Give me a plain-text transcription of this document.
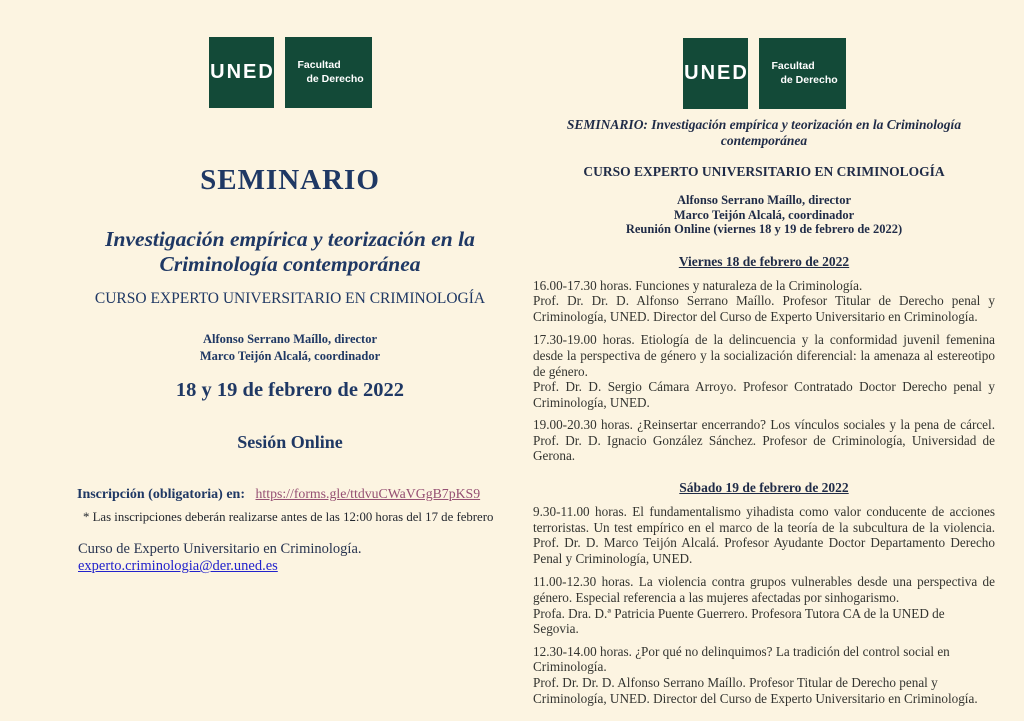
UNED Facultad
de Derecho
SEMINARIO
Investigación empírica y teorización en la
Criminología contemporánea
CURSO EXPERTO UNIVERSITARIO EN CRIMINOLOGÍA
Alfonso Serrano Maíllo, director
Marco Teijón Alcalá, coordinador
18 y 19 de febrero de 2022
Sesión Online
Inscripción (obligatoria) en: https://forms.gle/ttdvuCWaVGgB7pKS9
* Las inscripciones deberán realizarse antes de las 12:00 horas del 17 de febrero
Curso de Experto Universitario en Criminología.
experto.criminologia@der.uned.es
UNED Facultad
de Derecho
SEMINARIO: Investigación empírica y teorización en la Criminología
contemporánea
CURSO EXPERTO UNIVERSITARIO EN CRIMINOLOGÍA
Alfonso Serrano Maíllo, director
Marco Teijón Alcalá, coordinador
Reunión Online (viernes 18 y 19 de febrero de 2022)
Viernes 18 de febrero de 2022
16.00-17.30 horas. Funciones y naturaleza de la Criminología.
Prof. Dr. Dr. D. Alfonso Serrano Maíllo. Profesor Titular de Derecho penal y
Criminología, UNED. Director del Curso de Experto Universitario en Criminología.
17.30-19.00 horas. Etiología de la delincuencia y la conformidad juvenil femenina
desde la perspectiva de género y la socialización diferencial: la amenaza al estereotipo
de género.
Prof. Dr. D. Sergio Cámara Arroyo. Profesor Contratado Doctor Derecho penal y
Criminología, UNED.
19.00-20.30 horas. ¿Reinsertar encerrando? Los vínculos sociales y la pena de cárcel.
Prof. Dr. D. Ignacio González Sánchez. Profesor de Criminología, Universidad de
Gerona.
Sábado 19 de febrero de 2022
9.30-11.00 horas. El fundamentalismo yihadista como valor conducente de acciones
terroristas. Un test empírico en el marco de la teoría de la subcultura de la violencia.
Prof. Dr. D. Marco Teijón Alcalá. Profesor Ayudante Doctor Departamento Derecho
Penal y Criminología, UNED.
11.00-12.30 horas. La violencia contra grupos vulnerables desde una perspectiva de
género. Especial referencia a las mujeres afectadas por sinhogarismo.
Profa. Dra. D.ª Patricia Puente Guerrero. Profesora Tutora CA de la UNED de
Segovia.
12.30-14.00 horas. ¿Por qué no delinquimos? La tradición del control social en
Criminología.
Prof. Dr. Dr. D. Alfonso Serrano Maíllo. Profesor Titular de Derecho penal y
Criminología, UNED. Director del Curso de Experto Universitario en Criminología.
